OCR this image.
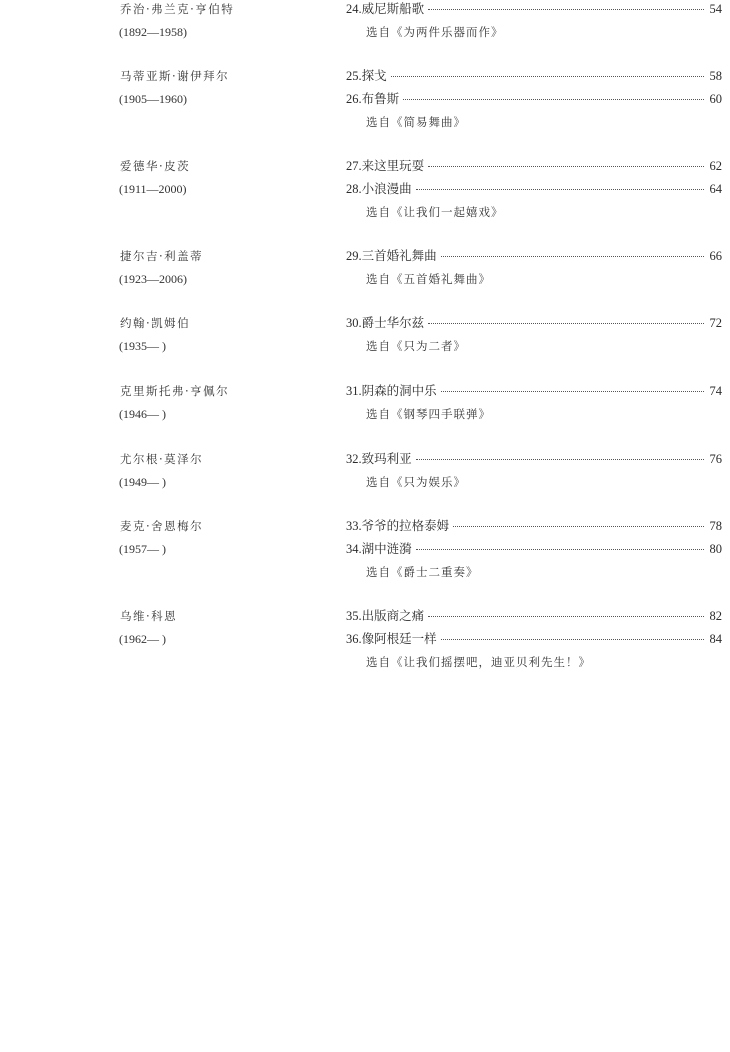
乔治·弗兰克·亨伯特
(1892—1958)
24. 威尼斯船歌	54
选自《为两件乐器而作》
马蒂亚斯·谢伊拜尔
(1905—1960)
25. 探戈	58
26. 布鲁斯	60
选自《简易舞曲》
爱德华·皮茨
(1911—2000)
27. 来这里玩耍	62
28. 小浪漫曲	64
选自《让我们一起嬉戏》
捷尔吉·利盖蒂
(1923—2006)
29. 三首婚礼舞曲	66
选自《五首婚礼舞曲》
约翰·凯姆伯
(1935— )
30. 爵士华尔兹	72
选自《只为二者》
克里斯托弗·亨佩尔
(1946— )
31. 阴森的洞中乐	74
选自《钢琴四手联弹》
尤尔根·莫泽尔
(1949— )
32. 致玛利亚	76
选自《只为娱乐》
麦克·舍恩梅尔
(1957— )
33. 爷爷的拉格泰姆	78
34. 湖中涟漪	80
选自《爵士二重奏》
乌维·科恩
(1962— )
35. 出版商之痛	82
36. 像阿根廷一样	84
选自《让我们摇摆吧，迪亚贝利先生！》
